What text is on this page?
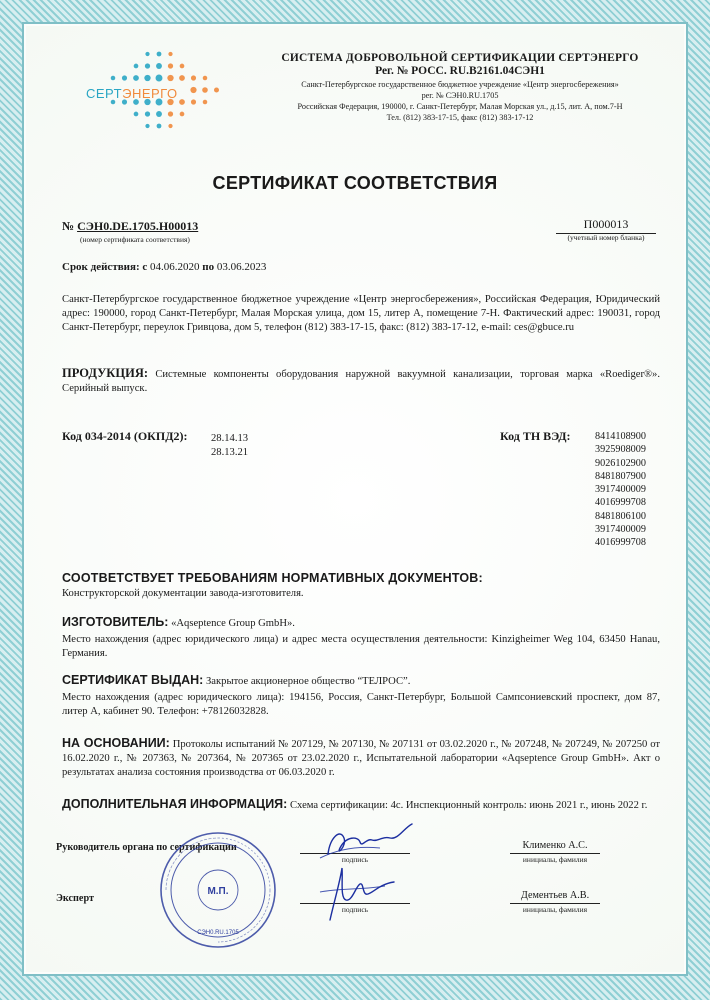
СЕРТЭНЕРГО
СИСТЕМА ДОБРОВОЛЬНОЙ СЕРТИФИКАЦИИ СЕРТЭНЕРГО
Рег. № РОСС. RU.B2161.04СЭН1
Санкт-Петербургское государственное бюджетное учреждение «Центр энергосбережения»
рег. № СЭН0.RU.1705
Российская Федерация, 190000, г. Санкт-Петербург, Малая Морская ул., д.15, лит. А, пом.7-Н
Тел. (812) 383-17-15, факс (812) 383-17-12
СЕРТИФИКАТ СООТВЕТСТВИЯ
№ СЭН0.DE.1705.H00013
(номер сертификата соответствия)
П000013
(учетный номер бланка)
Срок действия: с 04.06.2020 по 03.06.2023
Санкт-Петербургское государственное бюджетное учреждение «Центр энергосбережения», Российская Федерация, Юридический адрес: 190000, город Санкт-Петербург, Малая Морская улица, дом 15, литер А, помещение 7-Н. Фактический адрес: 190031, город Санкт-Петербург, переулок Гривцова, дом 5, телефон (812) 383-17-15, факс: (812) 383-17-12, e-mail: ces@gbuce.ru
ПРОДУКЦИЯ: Системные компоненты оборудования наружной вакуумной канализации, торговая марка «Roediger®». Серийный выпуск.
Код 034-2014 (ОКПД2): 28.14.13
28.13.21
Код ТН ВЭД: 8414108900
3925908009
9026102900
8481807900
3917400009
4016999708
8481806100
3917400009
4016999708
СООТВЕТСТВУЕТ ТРЕБОВАНИЯМ НОРМАТИВНЫХ ДОКУМЕНТОВ:
Конструкторской документации завода-изготовителя.
ИЗГОТОВИТЕЛЬ: «Aqseptence Group GmbH».
Место нахождения (адрес юридического лица) и адрес места осуществления деятельности: Kinzigheimer Weg 104, 63450 Hanau, Германия.
СЕРТИФИКАТ ВЫДАН: Закрытое акционерное общество “ТЕЛРОС”.
Место нахождения (адрес юридического лица): 194156, Россия, Санкт-Петербург, Большой Сампсониевский проспект, дом 87, литер А, кабинет 90. Телефон: +78126032828.
НА ОСНОВАНИИ: Протоколы испытаний № 207129, № 207130, № 207131 от 03.02.2020 г., № 207248, № 207249, № 207250 от 16.02.2020 г., № 207363, № 207364, № 207365 от 23.02.2020 г., Испытательной лаборатории «Aqseptence Group GmbH». Акт о результатах анализа состояния производства от 06.03.2020 г.
ДОПОЛНИТЕЛЬНАЯ ИНФОРМАЦИЯ: Схема сертификации: 4с. Инспекционный контроль: июнь 2021 г., июнь 2022 г.
Руководитель органа по сертификации
подпись
Клименко А.С.
инициалы, фамилия
Эксперт
подпись
Дементьев А.В.
инициалы, фамилия
М.П.
СЭН0.RU.1705
